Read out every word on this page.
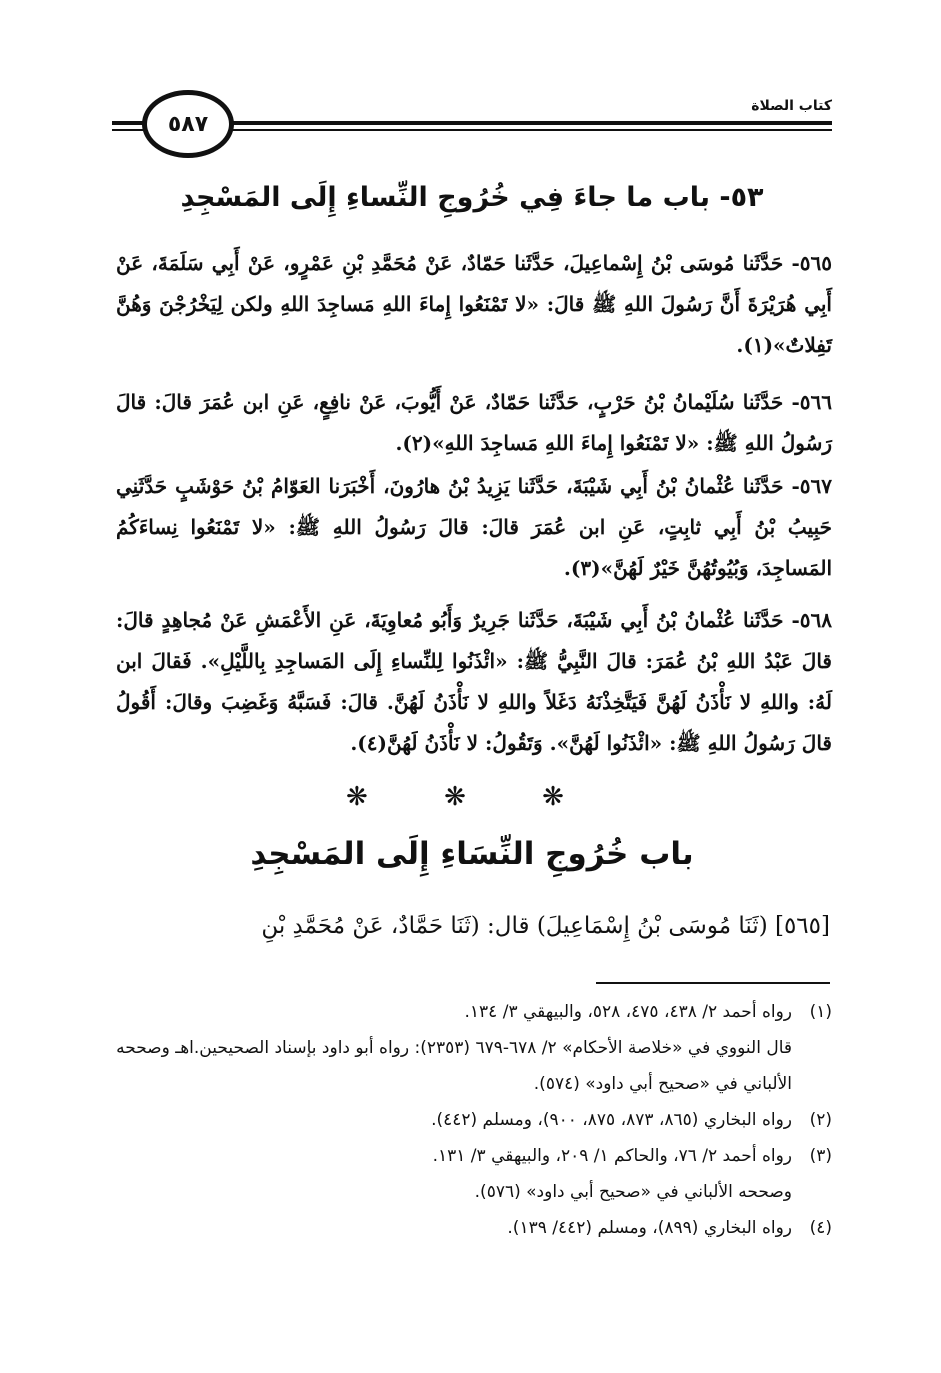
٥٨٧
كتاب الصلاة
٥٣- باب ما جاءَ فِي خُرُوجِ النِّساءِ إِلَى المَسْجِدِ
٥٦٥- حَدَّثَنا مُوسَى بْنُ إِسْماعِيلَ، حَدَّثَنا حَمّادٌ، عَنْ مُحَمَّدِ بْنِ عَمْرٍو، عَنْ أَبِي سَلَمَةَ، عَنْ أَبِي هُرَيْرَةَ أَنَّ رَسُولَ اللهِ ﷺ قالَ: «لا تَمْنَعُوا إِماءَ اللهِ مَساجِدَ اللهِ ولكن لِيَخْرُجْنَ وَهُنَّ تَفِلاتٌ»(١).
٥٦٦- حَدَّثَنا سُلَيْمانُ بْنُ حَرْبٍ، حَدَّثَنا حَمّادٌ، عَنْ أَيُّوبَ، عَنْ نافِعٍ، عَنِ ابن عُمَرَ قالَ: قالَ رَسُولُ اللهِ ﷺ: «لا تَمْنَعُوا إِماءَ اللهِ مَساجِدَ اللهِ»(٢).
٥٦٧- حَدَّثَنا عُثْمانُ بْنُ أَبِي شَيْبَةَ، حَدَّثَنا يَزِيدُ بْنُ هارُونَ، أَخْبَرَنا العَوّامُ بْنُ حَوْشَبٍ حَدَّثَنِي حَبِيبُ بْنُ أَبِي ثابِتٍ، عَنِ ابن عُمَرَ قالَ: قالَ رَسُولُ اللهِ ﷺ: «لا تَمْنَعُوا نِساءَكُمُ المَساجِدَ، وَبُيُوتُهُنَّ خَيْرٌ لَهُنَّ»(٣).
٥٦٨- حَدَّثَنا عُثْمانُ بْنُ أَبِي شَيْبَةَ، حَدَّثَنا جَرِيرٌ وَأَبُو مُعاوِيَةَ، عَنِ الأَعْمَشِ عَنْ مُجاهِدٍ قالَ: قالَ عَبْدُ اللهِ بْنُ عُمَرَ: قالَ النَّبِيُّ ﷺ: «ائْذَنُوا لِلنِّساءِ إِلَى المَساجِدِ بِاللَّيْلِ». فَقالَ ابن لَهُ: واللهِ لا نَأْذَنُ لَهُنَّ فَيَتَّخِذْنَهُ دَغَلاً واللهِ لا نَأْذَنُ لَهُنَّ. قالَ: فَسَبَّهُ وَغَضِبَ وقالَ: أَقُولُ قالَ رَسُولُ اللهِ ﷺ: «ائْذَنُوا لَهُنَّ». وَتَقُولُ: لا نَأْذَنُ لَهُنَّ(٤).
❋ ❋ ❋
باب خُرُوجِ النِّسَاءِ إِلَى المَسْجِدِ
[٥٦٥] (ثَنَا مُوسَى بْنُ إِسْمَاعِيلَ) قال: (ثَنَا حَمَّادٌ، عَنْ مُحَمَّدِ بْنِ
(١)رواه أحمد ٢/ ٤٣٨، ٤٧٥، ٥٢٨، والبيهقي ٣/ ١٣٤.
قال النووي في «خلاصة الأحكام» ٢/ ٦٧٨-٦٧٩ (٢٣٥٣): رواه أبو داود بإسناد الصحيحين.اهـ وصححه الألباني في «صحيح أبي داود» (٥٧٤).
(٢)رواه البخاري (٨٦٥، ٨٧٣، ٨٧٥، ٩٠٠)، ومسلم (٤٤٢).
(٣)رواه أحمد ٢/ ٧٦، والحاكم ١/ ٢٠٩، والبيهقي ٣/ ١٣١.
وصححه الألباني في «صحيح أبي داود» (٥٧٦).
(٤)رواه البخاري (٨٩٩)، ومسلم (٤٤٢/ ١٣٩).
